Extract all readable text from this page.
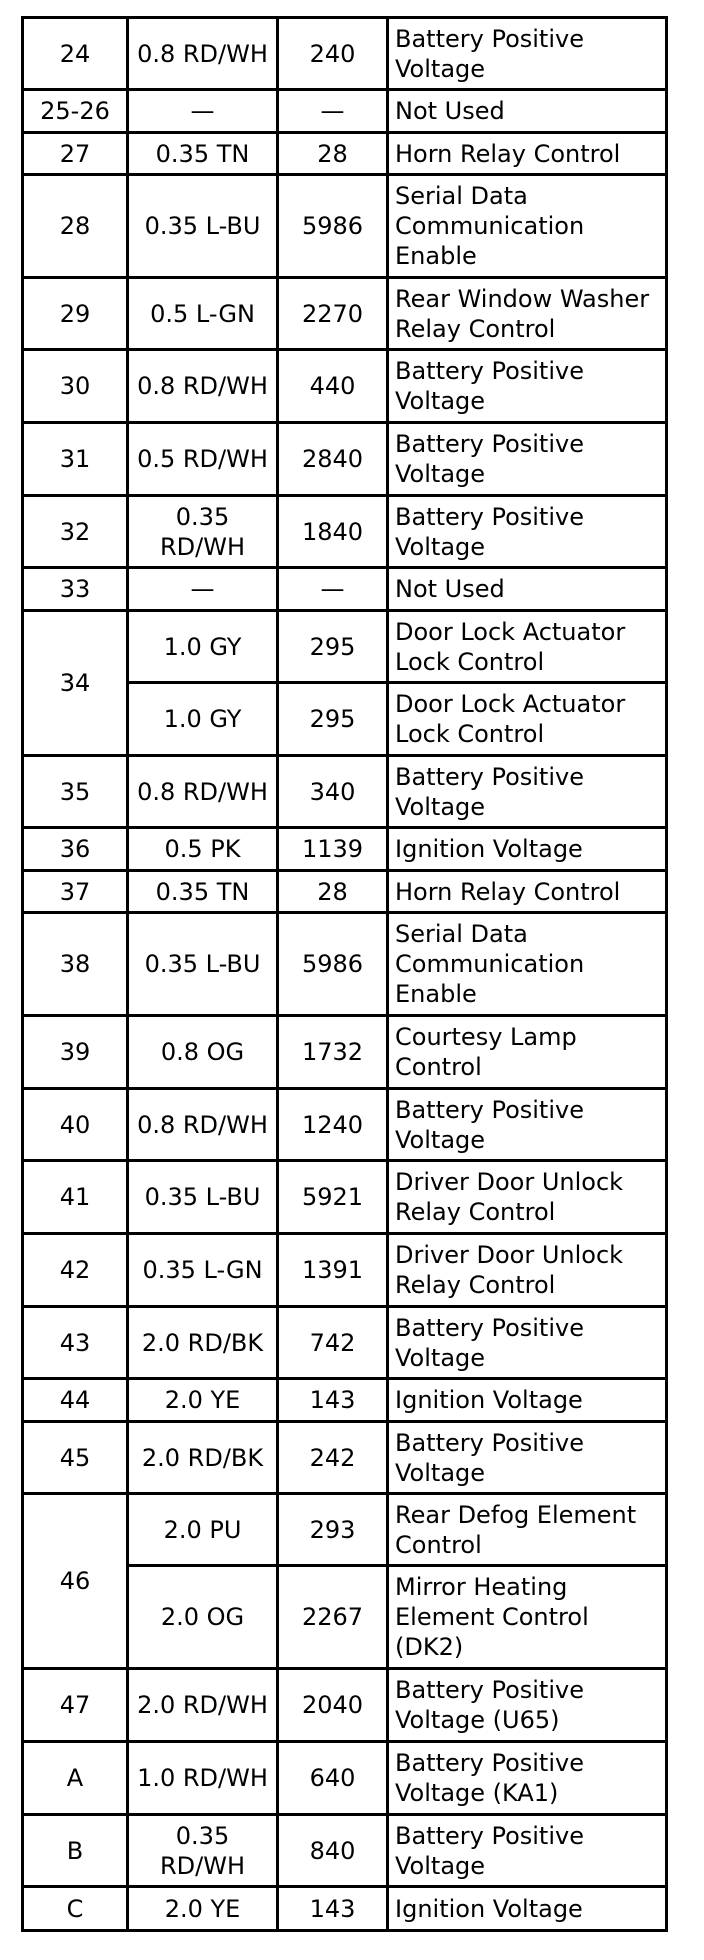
24	0.8 RD/WH	240	Battery Positive Voltage
25-26	—	—	Not Used
27	0.35 TN	28	Horn Relay Control
28	0.35 L-BU	5986	Serial Data Communication Enable
29	0.5 L-GN	2270	Rear Window Washer Relay Control
30	0.8 RD/WH	440	Battery Positive Voltage
31	0.5 RD/WH	2840	Battery Positive Voltage
32	0.35 RD/WH	1840	Battery Positive Voltage
33	—	—	Not Used
34	1.0 GY	295	Door Lock Actuator Lock Control
	1.0 GY	295	Door Lock Actuator Lock Control
35	0.8 RD/WH	340	Battery Positive Voltage
36	0.5 PK	1139	Ignition Voltage
37	0.35 TN	28	Horn Relay Control
38	0.35 L-BU	5986	Serial Data Communication Enable
39	0.8 OG	1732	Courtesy Lamp Control
40	0.8 RD/WH	1240	Battery Positive Voltage
41	0.35 L-BU	5921	Driver Door Unlock Relay Control
42	0.35 L-GN	1391	Driver Door Unlock Relay Control
43	2.0 RD/BK	742	Battery Positive Voltage
44	2.0 YE	143	Ignition Voltage
45	2.0 RD/BK	242	Battery Positive Voltage
46	2.0 PU	293	Rear Defog Element Control
	2.0 OG	2267	Mirror Heating Element Control (DK2)
47	2.0 RD/WH	2040	Battery Positive Voltage (U65)
A	1.0 RD/WH	640	Battery Positive Voltage (KA1)
B	0.35 RD/WH	840	Battery Positive Voltage
C	2.0 YE	143	Ignition Voltage
